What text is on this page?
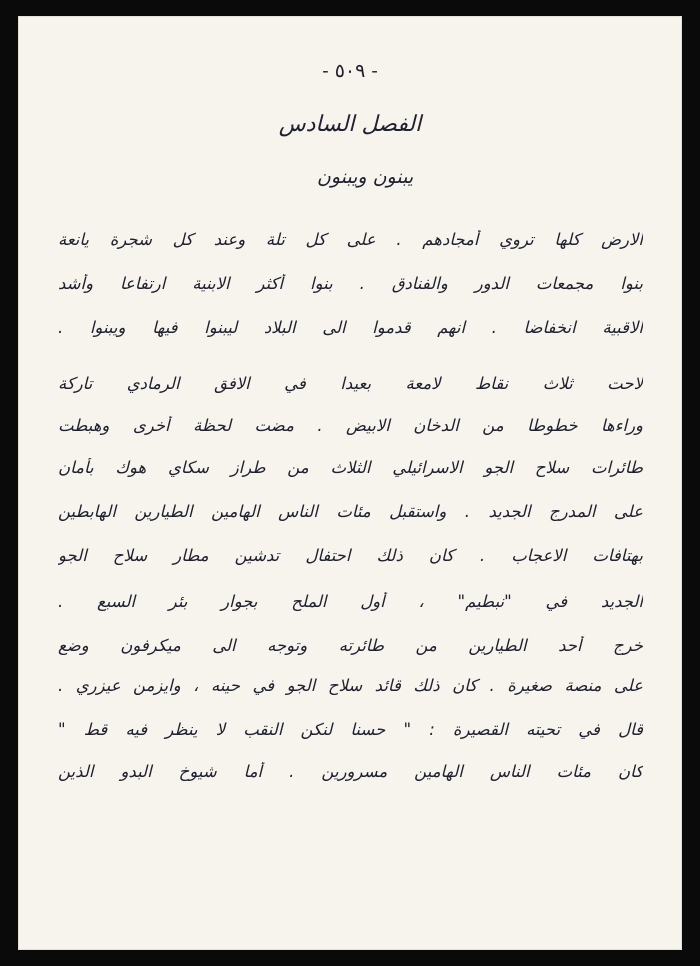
- ٥٠٩ -
الفصل السادس
يبنون ويبنون
الارض كلها تروي أمجادهم . على كل تلة وعند كل شجرة يانعة
بنوا مجمعات الدور والفنادق . بنوا أكثر الابنية ارتفاعا وأشد
الاقبية انخفاضا . انهم قدموا الى البلاد ليبنوا فيها ويبنوا .
لاحت ثلاث نقاط لامعة بعيدا في الافق الرمادي تاركة
وراءها خطوطا من الدخان الابيض . مضت لحظة أخرى وهبطت
طائرات سلاح الجو الاسرائيلي الثلاث من طراز سكاي هوك بأمان
على المدرج الجديد . واستقبل مئات الناس الهامين الطيارين الهابطين
بهتافات الاعجاب . كان ذلك احتفال تدشين مطار سلاح الجو
الجديد في "نبطيم" ، أول الملح بجوار بئر السبع .
خرج أحد الطيارين من طائرته وتوجه الى ميكرفون وضع
على منصة صغيرة . كان ذلك قائد سلاح الجو في حينه ، وايزمن عيزري .
قال في تحيته القصيرة : " حسنا لنكن النقب لا ينظر فيه قط "
كان مئات الناس الهامين مسرورين . أما شيوخ البدو الذين
